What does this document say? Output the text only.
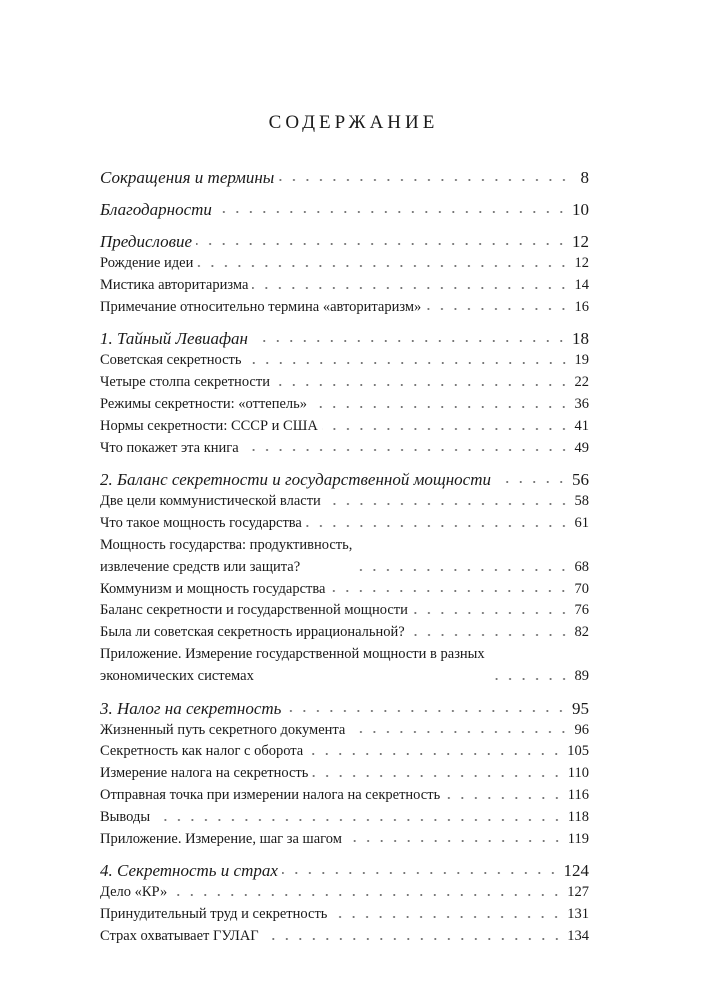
СОДЕРЖАНИЕ
Сокращения и термины	8
Благодарности	10
Предисловие	12
Рождение идеи	12
Мистика авторитаризма	14
Примечание относительно термина «авторитаризм»	16
1. Тайный Левиафан	18
Советская секретность	19
Четыре столпа секретности	22
Режимы секретности: «оттепель»	36
Нормы секретности: СССР и США	41
Что покажет эта книга	49
2. Баланс секретности и государственной мощности	56
Две цели коммунистической власти	58
Что такое мощность государства	61
Мощность государства: продуктивность,
извлечение средств или защита?	68
Коммунизм и мощность государства	70
Баланс секретности и государственной мощности	76
Была ли советская секретность иррациональной?	82
Приложение. Измерение государственной мощности в разных
экономических системах	89
3. Налог на секретность	95
Жизненный путь секретного документа	96
Секретность как налог с оборота	105
Измерение налога на секретность	110
Отправная точка при измерении налога на секретность	116
Выводы	118
Приложение. Измерение, шаг за шагом	119
4. Секретность и страх	124
Дело «КР»	127
Принудительный труд и секретность	131
Страх охватывает ГУЛАГ	134
